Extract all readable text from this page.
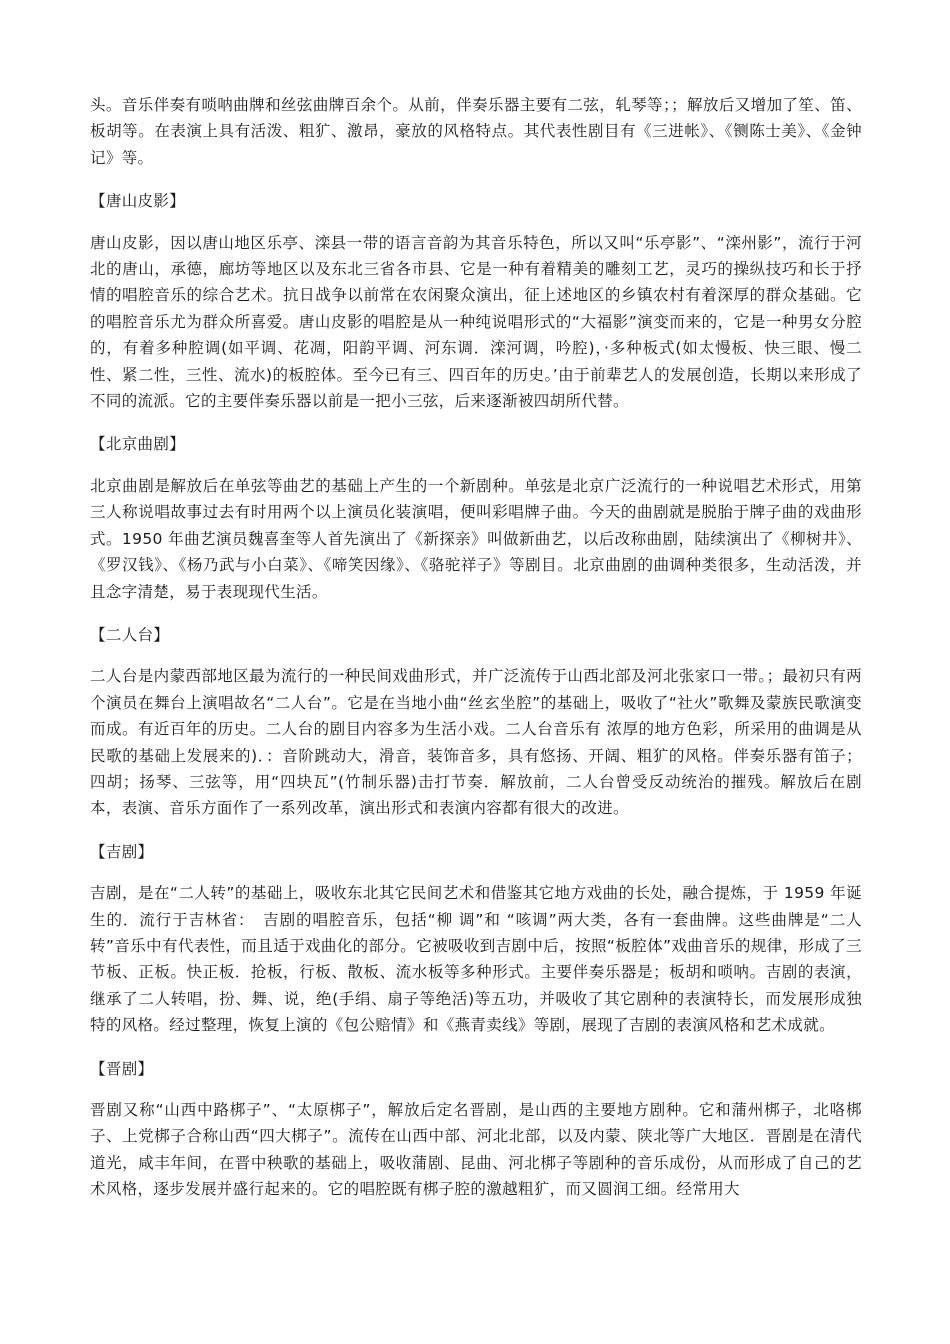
头。音乐伴奏有唢呐曲牌和丝弦曲牌百余个。从前，伴奏乐器主要有二弦，轧琴等；；解放后又增加了笙、笛、板胡等。在表演上具有活泼、粗犷、激昂，豪放的风格特点。其代表性剧目有《三进帐》、《铡陈士美》、《金钟记》等。

【唐山皮影】

唐山皮影，因以唐山地区乐亭、滦县一带的语言音韵为其音乐特色，所以又叫“乐亭影”、“滦州影”，流行于河北的唐山，承德，廊坊等地区以及东北三省各市县、它是一种有着精美的雕刻工艺，灵巧的操纵技巧和长于抒情的唱腔音乐的综合艺术。抗日战争以前常在农闲聚众演出，征上述地区的乡镇农村有着深厚的群众基础。它的唱腔音乐尤为群众所喜爱。唐山皮影的唱腔是从一种纯说唱形式的“大福影”演变而来的，它是一种男女分腔的，有着多种腔调(如平调、花凋，阳韵平调、河东调．滦河调，吟腔)，·多种板式(如太慢板、快三眼、慢二性、紧二性，三性、流水)的板腔体。至今已有三、四百年的历史。’由于前辈艺人的发展创造，长期以来形成了不同的流派。它的主要伴奏乐器以前是一把小三弦，后来逐渐被四胡所代替。

【北京曲剧】

北京曲剧是解放后在单弦等曲艺的基础上产生的一个新剧种。单弦是北京广泛流行的一种说唱艺术形式，用第三人称说唱故事过去有时用两个以上演员化装演唱，便叫彩唱牌子曲。今天的曲剧就是脱胎于牌子曲的戏曲形式。1950 年曲艺演员魏喜奎等人首先演出了《新探亲》叫做新曲艺，以后改称曲剧，陆续演出了《柳树井》、《罗汉钱》、《杨乃武与小白菜》、《啼笑因缘》、《骆驼祥子》等剧目。北京曲剧的曲调种类很多，生动活泼，并且念字清楚，易于表现现代生活。

【二人台】

二人台是内蒙西部地区最为流行的一种民间戏曲形式，并广泛流传于山西北部及河北张家口一带。；最初只有两个演员在舞台上演唱故名“二人台”。它是在当地小曲“丝玄坐腔”的基础上，吸收了“社火”歌舞及蒙族民歌演变而成。有近百年的历史。二人台的剧目内容多为生活小戏。二人台音乐有 浓厚的地方色彩，所采用的曲调是从民歌的基础上发展来的)．：音阶跳动大，滑音，装饰音多，具有悠扬、开阔、粗犷的风格。伴奏乐器有笛子；四胡；扬琴、三弦等，用“四块瓦”(竹制乐器)击打节奏．解放前，二人台曾受反动统治的摧残。解放后在剧本，表演、音乐方面作了一系列改革，演出形式和表演内容都有很大的改进。

【吉剧】

吉剧，是在“二人转”的基础上，吸收东北其它民间艺术和借鉴其它地方戏曲的长处，融合提炼，于 1959 年诞生的．流行于吉林省：　吉剧的唱腔音乐，包括“柳 调”和 “咳调”两大类，各有一套曲牌。这些曲牌是“二人转”音乐中有代表性，而且适于戏曲化的部分。它被吸收到吉剧中后，按照“板腔体”戏曲音乐的规律，形成了三节板、正板。快正板．抢板，行板、散板、流水板等多种形式。主要伴奏乐器是；板胡和唢呐。吉剧的表演，继承了二人转唱，扮、舞、说，绝(手绢、扇子等绝活)等五功，并吸收了其它剧种的表演特长，而发展形成独特的风格。经过整理，恢复上演的《包公赔情》和《燕青卖线》等剧，展现了吉剧的表演风格和艺术成就。

【晋剧】

晋剧又称“山西中路梆子”、“太原梆子”，解放后定名晋剧，是山西的主要地方剧种。它和蒲州梆子，北咯梆子、上党梆子合称山西“四大梆子”。流传在山西中部、河北北部，以及内蒙、陕北等广大地区．晋剧是在清代道光，咸丰年间，在晋中秧歌的基础上，吸收蒲剧、昆曲、河北梆子等剧种的音乐成份，从而形成了自己的艺术风格，逐步发展并盛行起来的。它的唱腔既有梆子腔的激越粗犷，而又圆润工细。经常用大
